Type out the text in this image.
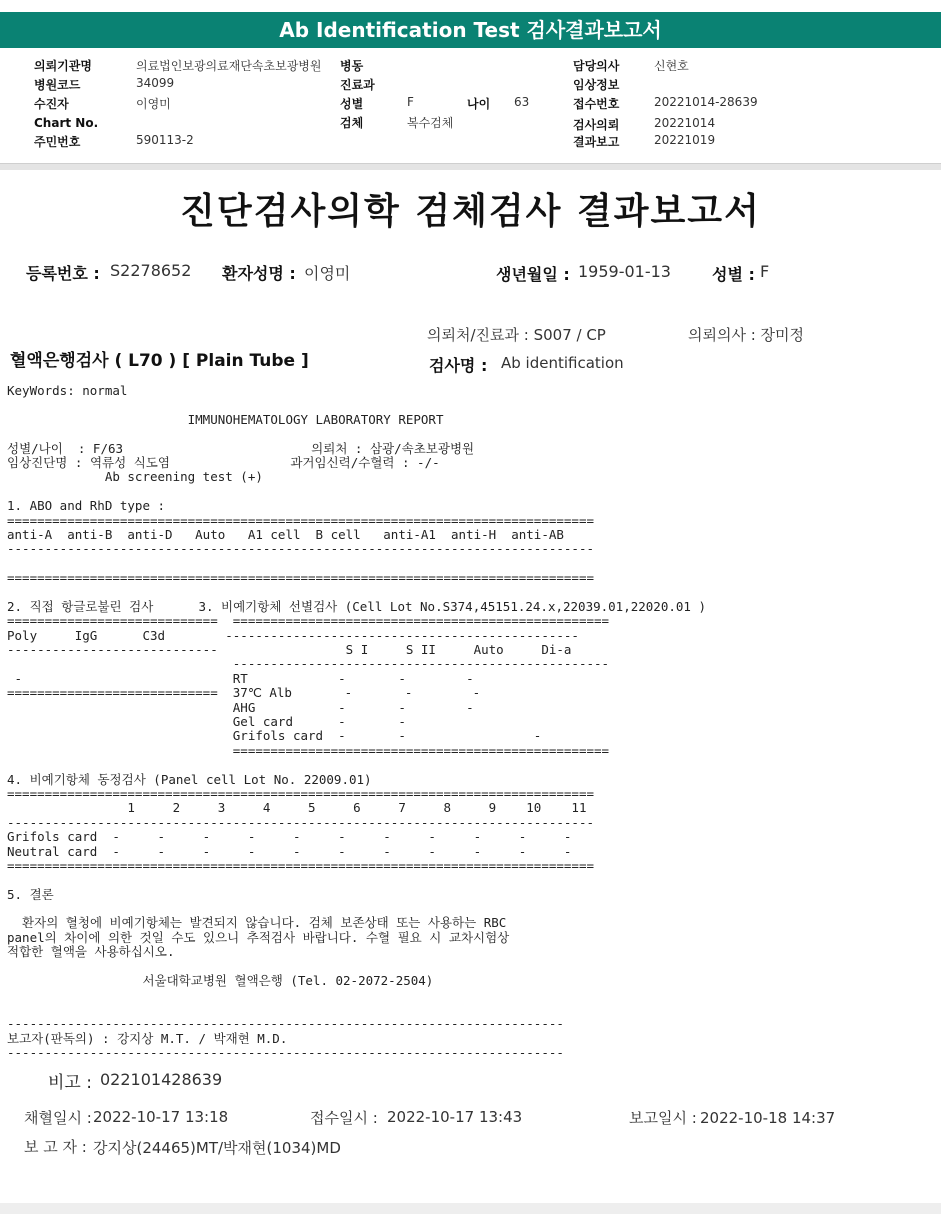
Ab Identification Test 검사결과보고서
의뢰기관명	의료법인보광의료재단속초보광병원
병원코드	34099
수진자	이영미
Chart No.
주민번호	590113-2
병동
진료과
성별	F	나이 63
검체	복수검체
담당의사	신현호
임상정보
접수번호	20221014-28639
검사의뢰	20221014
결과보고	20221019
진단검사의학 검체검사 결과보고서
등록번호 : S2278652 환자성명 : 이영미	생년월일 : 1959-01-13	성별 : F
의뢰처/진료과 : S007 / CP	의뢰의사 : 장미정
혈액은행검사 ( L70 ) [ Plain Tube ]	검사명 : Ab identification
KeyWords: normal
IMMUNOHEMATOLOGY LABORATORY REPORT
성별/나이  : F/63                         의뢰처 : 삼광/속초보광병원
임상진단명 : 역류성 식도염                과거임신력/수혈력 : -/-
Ab screening test (+)
1. ABO and RhD type :
==============================================================================
anti-A  anti-B  anti-D   Auto   A1 cell  B cell   anti-A1  anti-H  anti-AB
------------------------------------------------------------------------------
==============================================================================
2. 직접 항글로불린 검사      3. 비예기항체 선별검사 (Cell Lot No.S374,45151.24.x,22039.01,22020.01 )
============================  ==================================================
Poly     IgG      C3d        -----------------------------------------------
----------------------------                 S I     S II     Auto     Di-a
--------------------------------------------------
-                            RT            -       -        -
============================  37℃ Alb       -       -        -
AHG           -       -        -
Gel card      -       -
Grifols card  -       -                 -
==================================================
4. 비예기항체 동정검사 (Panel cell Lot No. 22009.01)
==============================================================================
1     2     3     4     5     6     7     8     9    10    11
------------------------------------------------------------------------------
Grifols card  -     -     -     -     -     -     -     -     -     -     -
Neutral card  -     -     -     -     -     -     -     -     -     -     -
==============================================================================
5. 결론
환자의 혈청에 비예기항체는 발견되지 않습니다. 검체 보존상태 또는 사용하는 RBC
panel의 차이에 의한 것일 수도 있으니 추적검사 바랍니다. 수혈 필요 시 교차시험상
적합한 혈액을 사용하십시오.
서울대학교병원 혈액은행 (Tel. 02-2072-2504)
--------------------------------------------------------------------------
보고자(판독의) : 강지상 M.T. / 박재현 M.D.
--------------------------------------------------------------------------
비고 : 022101428639
채혈일시 : 2022-10-17 13:18	접수일시 : 2022-10-17 13:43	보고일시 : 2022-10-18 14:37
보 고 자 : 강지상(24465)MT/박재현(1034)MD
